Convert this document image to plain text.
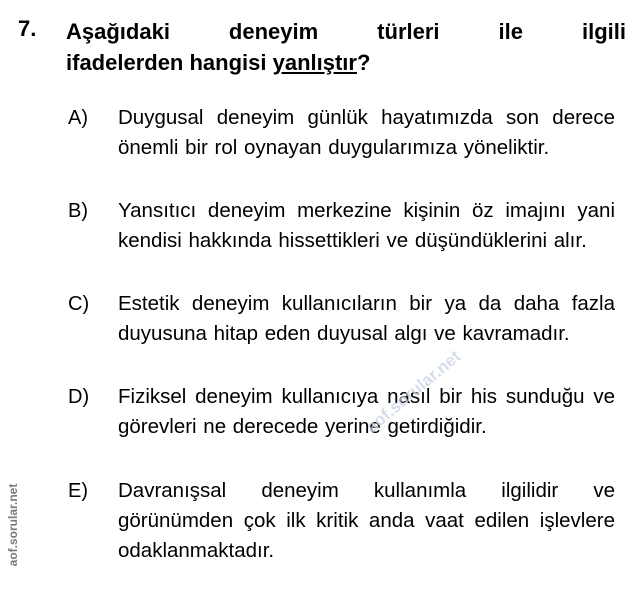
7. Aşağıdaki deneyim türleri ile ilgili
ifadelerden hangisi yanlıştır?
A) Duygusal deneyim günlük hayatımızda son derece önemli bir rol oynayan duygularımıza yöneliktir.
B) Yansıtıcı deneyim merkezine kişinin öz imajını yani kendisi hakkında hissettikleri ve düşündüklerini alır.
C) Estetik deneyim kullanıcıların bir ya da daha fazla duyusuna hitap eden duyusal algı ve kavramadır.
D) Fiziksel deneyim kullanıcıya nasıl bir his sunduğu ve görevleri ne derecede yerine getirdiğidir.
E) Davranışsal deneyim kullanımla ilgilidir ve görünümden çok ilk kritik anda vaat edilen işlevlere odaklanmaktadır.
aof.sorular.net
aof.sorular.net
